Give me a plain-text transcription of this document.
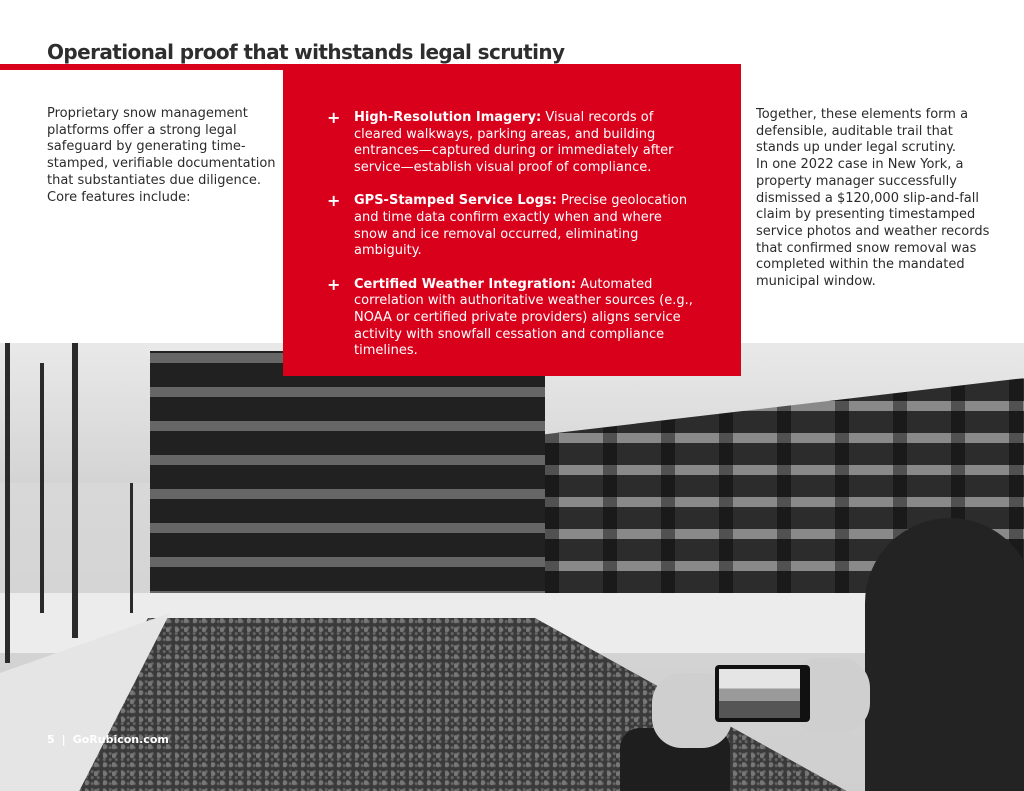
Operational proof that withstands legal scrutiny

Proprietary snow management platforms offer a strong legal safeguard by generating time-stamped, verifiable documentation that substantiates due diligence. Core features include:

+ High-Resolution Imagery: Visual records of cleared walkways, parking areas, and building entrances—captured during or immediately after service—establish visual proof of compliance.
+ GPS-Stamped Service Logs: Precise geolocation and time data confirm exactly when and where snow and ice removal occurred, eliminating ambiguity.
+ Certified Weather Integration: Automated correlation with authoritative weather sources (e.g., NOAA or certified private providers) aligns service activity with snowfall cessation and compliance timelines.
Together, these elements form a defensible, auditable trail that stands up under legal scrutiny.
In one 2022 case in New York, a property manager successfully dismissed a $120,000 slip-and-fall claim by presenting timestamped service photos and weather records that confirmed snow removal was completed within the mandated municipal window.
5 | GoRubicon.com
